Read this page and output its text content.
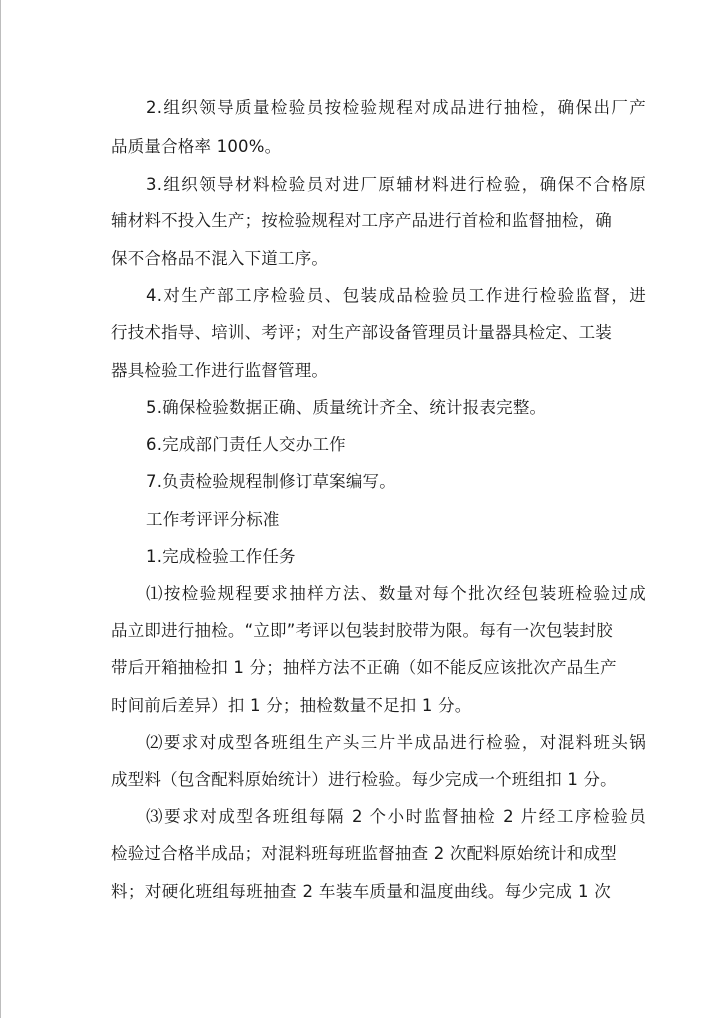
2.组织领导质量检验员按检验规程对成品进行抽检，确保出厂产
品质量合格率 100%。
3.组织领导材料检验员对进厂原辅材料进行检验，确保不合格原
辅材料不投入生产；按检验规程对工序产品进行首检和监督抽检，确
保不合格品不混入下道工序。
4.对生产部工序检验员、包装成品检验员工作进行检验监督，进
行技术指导、培训、考评；对生产部设备管理员计量器具检定、工装
器具检验工作进行监督管理。
5.确保检验数据正确、质量统计齐全、统计报表完整。
6.完成部门责任人交办工作
7.负责检验规程制修订草案编写。
工作考评评分标准
1.完成检验工作任务
⑴按检验规程要求抽样方法、数量对每个批次经包装班检验过成
品立即进行抽检。“立即”考评以包装封胶带为限。每有一次包装封胶
带后开箱抽检扣 1 分；抽样方法不正确（如不能反应该批次产品生产
时间前后差异）扣 1 分；抽检数量不足扣 1 分。
⑵要求对成型各班组生产头三片半成品进行检验，对混料班头锅
成型料（包含配料原始统计）进行检验。每少完成一个班组扣 1 分。
⑶要求对成型各班组每隔 2 个小时监督抽检 2 片经工序检验员
检验过合格半成品；对混料班每班监督抽查 2 次配料原始统计和成型
料；对硬化班组每班抽查 2 车装车质量和温度曲线。每少完成 1 次
